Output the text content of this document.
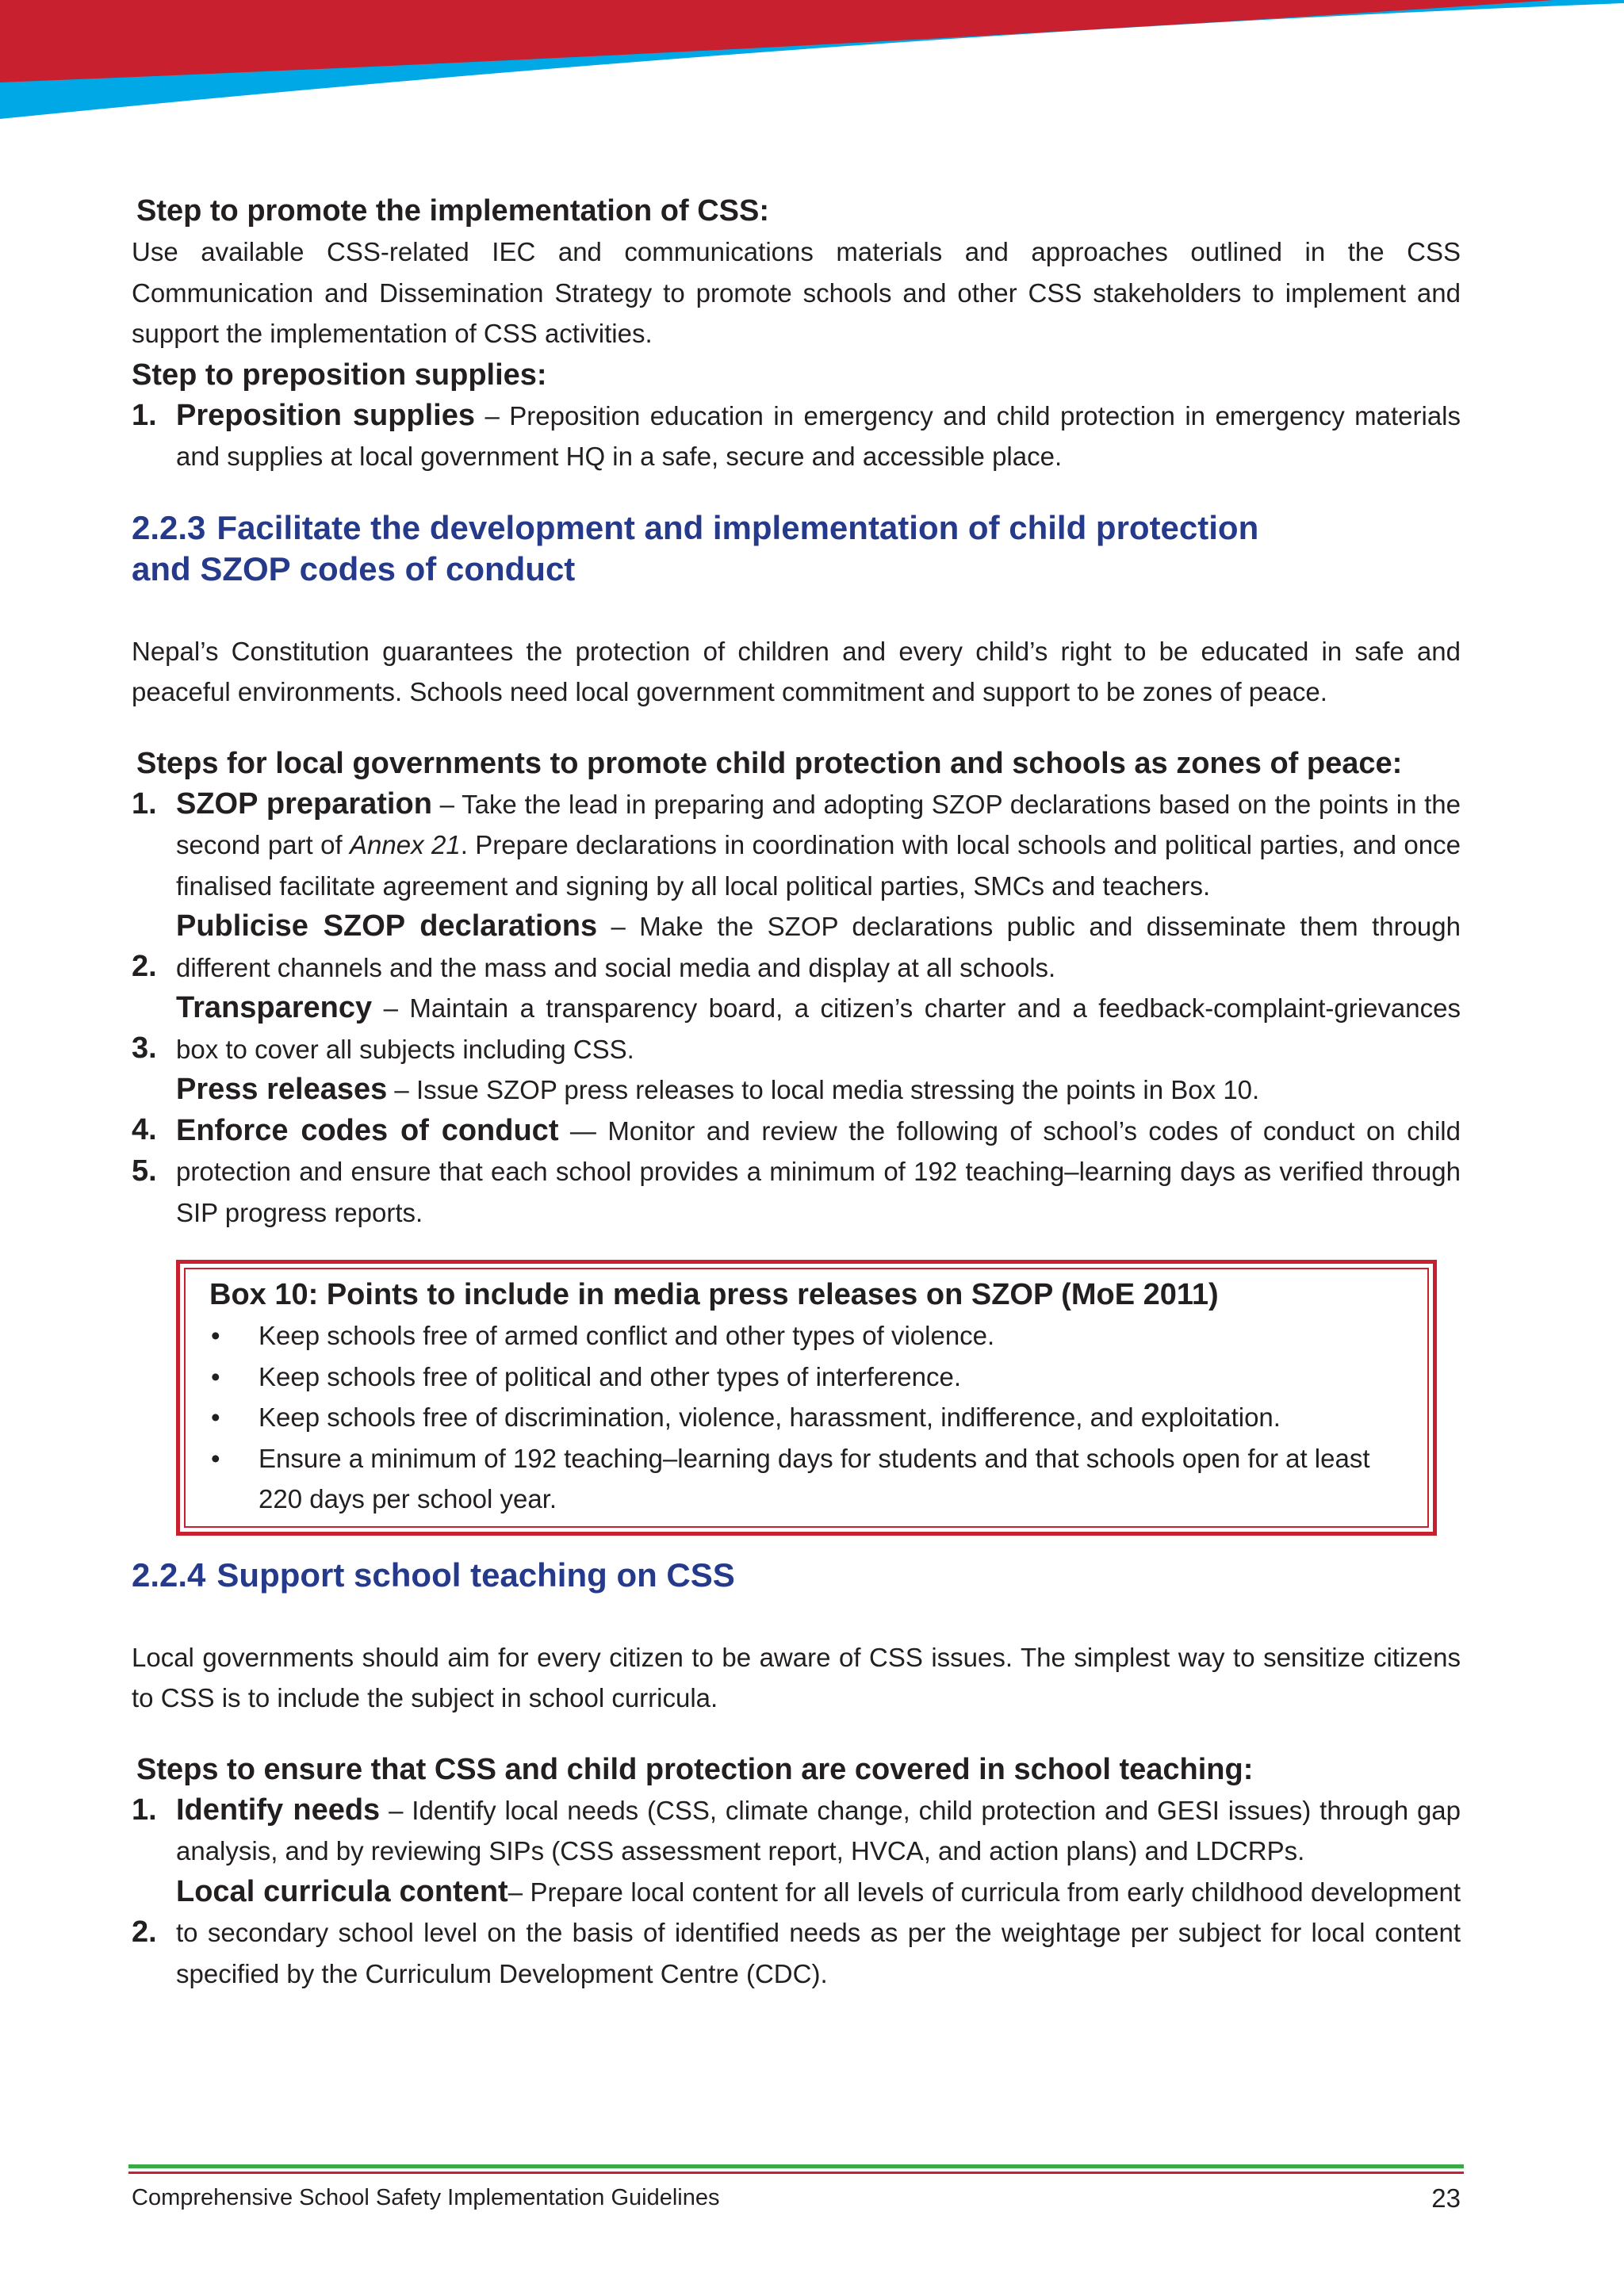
Step to promote the implementation of CSS:

Use available CSS-related IEC and communications materials and approaches outlined in the CSS Communication and Dissemination Strategy to promote schools and other CSS stakeholders to implement and support the implementation of CSS activities.

Step to preposition supplies:
1. Preposition supplies – Preposition education in emergency and child protection in emergency materials and supplies at local government HQ in a safe, secure and accessible place.
2.2.3 Facilitate the development and implementation of child protection
and SZOP codes of conduct

Nepal’s Constitution guarantees the protection of children and every child’s right to be educated in safe and peaceful environments. Schools need local government commitment and support to be zones of peace.

Steps for local governments to promote child protection and schools as zones of peace:
1. SZOP preparation – Take the lead in preparing and adopting SZOP declarations based on the points in the second part of Annex 21. Prepare declarations in coordination with local schools and political parties, and once finalised facilitate agreement and signing by all local political parties, SMCs and teachers.
2.
Publicise SZOP declarations – Make the SZOP declarations public and disseminate them through different channels and the mass and social media and display at all schools.
3.
Transparency – Maintain a transparency board, a citizen’s charter and a feedback-complaint-grievances box to cover all subjects including CSS.
4.
Press releases – Issue SZOP press releases to local media stressing the points in Box 10.
5.
Enforce codes of conduct — Monitor and review the following of school’s codes of conduct on child protection and ensure that each school provides a minimum of 192 teaching–learning days as verified through SIP progress reports.
Box 10: Points to include in media press releases on SZOP (MoE 2011)
• Keep schools free of armed conflict and other types of violence.
• Keep schools free of political and other types of interference.
• Keep schools free of discrimination, violence, harassment, indifference, and exploitation.
• Ensure a minimum of 192 teaching–learning days for students and that schools open for at least 220 days per school year.
2.2.4 Support school teaching on CSS

Local governments should aim for every citizen to be aware of CSS issues. The simplest way to sensitize citizens to CSS is to include the subject in school curricula.

Steps to ensure that CSS and child protection are covered in school teaching:
1. Identify needs – Identify local needs (CSS, climate change, child protection and GESI issues) through gap analysis, and by reviewing SIPs (CSS assessment report, HVCA, and action plans) and LDCRPs.
2.
Local curricula content– Prepare local content for all levels of curricula from early childhood development to secondary school level on the basis of identified needs as per the weightage per subject for local content specified by the Curriculum Development Centre (CDC).
Comprehensive School Safety Implementation Guidelines	23
